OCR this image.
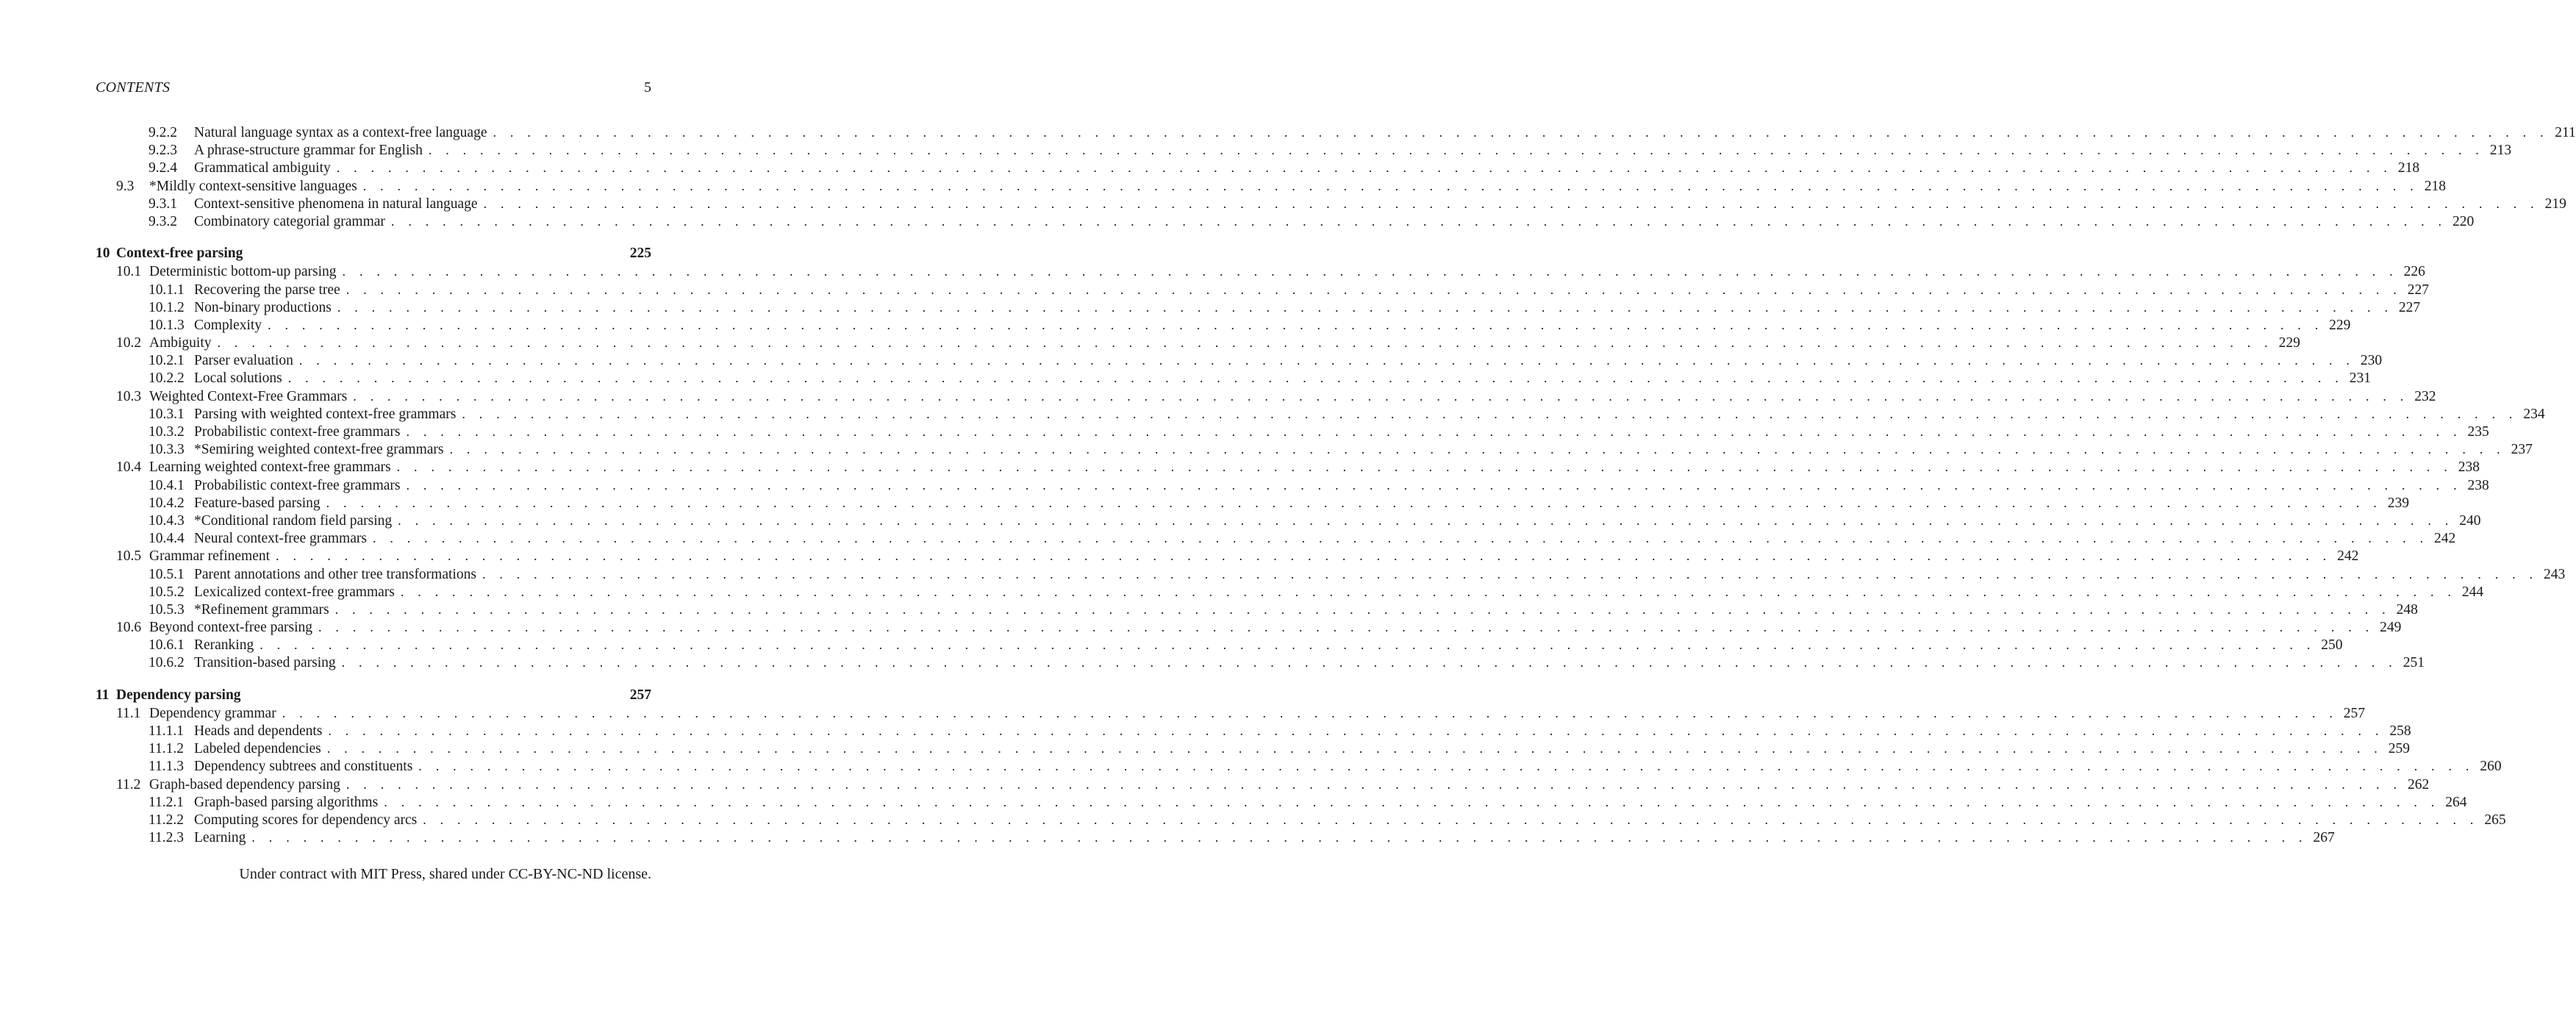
CONTENTS	5
9.2.2	Natural language syntax as a context-free language . . . . . . . . . . . . . . . . . . . . . . . . . . . . . . . . . . . . . . . . . . . . . . . . . . . . . . . . . . . . . . . . . . . . . . . . . . . . . . . . . . . . . . . . . . . . . . . . . . . . . . . . . . . . . . . . . . . . . . . . 211
9.2.3	A phrase-structure grammar for English . . . . . . . . . . . . . . . . . . . . . . . . . . . . . . . . . . . . . . . . . . . . . . . . . . . . . . . . . . . . . . . . . . . . . . . . . . . . . . . . . . . . . . . . . . . . . . . . . . . . . . . . . . . . . . . . . . . . . . . . 213
9.2.4	Grammatical ambiguity . . . . . . . . . . . . . . . . . . . . . . . . . . . . . . . . . . . . . . . . . . . . . . . . . . . . . . . . . . . . . . . . . . . . . . . . . . . . . . . . . . . . . . . . . . . . . . . . . . . . . . . . . . . . . . . . . . . . . . . . 218
9.3	*Mildly context-sensitive languages . . . . . . . . . . . . . . . . . . . . . . . . . . . . . . . . . . . . . . . . . . . . . . . . . . . . . . . . . . . . . . . . . . . . . . . . . . . . . . . . . . . . . . . . . . . . . . . . . . . . . . . . . . . . . . . . . . . . . . . . 218
9.3.1	Context-sensitive phenomena in natural language . . . . . . . . . . . . . . . . . . . . . . . . . . . . . . . . . . . . . . . . . . . . . . . . . . . . . . . . . . . . . . . . . . . . . . . . . . . . . . . . . . . . . . . . . . . . . . . . . . . . . . . . . . . . . . . . . . . . . . . . 219
9.3.2	Combinatory categorial grammar . . . . . . . . . . . . . . . . . . . . . . . . . . . . . . . . . . . . . . . . . . . . . . . . . . . . . . . . . . . . . . . . . . . . . . . . . . . . . . . . . . . . . . . . . . . . . . . . . . . . . . . . . . . . . . . . . . . . . . . . 220
10 Context-free parsing	225
10.1 Deterministic bottom-up parsing . . . . . . . . . . . . . . . . . . . . . . . . . . . . . . . . . . . . . . . . . . . . . . . . . . . . . . . . . . . . . . . . . . . . . . . . . . . . . . . . . . . . . . . . . . . . . . . . . . . . . . . . . . . . . . . . . . . . . . . . 226
10.1.1 Recovering the parse tree . . . . . . . . . . . . . . . . . . . . . . . . . . . . . . . . . . . . . . . . . . . . . . . . . . . . . . . . . . . . . . . . . . . . . . . . . . . . . . . . . . . . . . . . . . . . . . . . . . . . . . . . . . . . . . . . . . . . . . . . 227
10.1.2 Non-binary productions . . . . . . . . . . . . . . . . . . . . . . . . . . . . . . . . . . . . . . . . . . . . . . . . . . . . . . . . . . . . . . . . . . . . . . . . . . . . . . . . . . . . . . . . . . . . . . . . . . . . . . . . . . . . . . . . . . . . . . . . 227
10.1.3 Complexity . . . . . . . . . . . . . . . . . . . . . . . . . . . . . . . . . . . . . . . . . . . . . . . . . . . . . . . . . . . . . . . . . . . . . . . . . . . . . . . . . . . . . . . . . . . . . . . . . . . . . . . . . . . . . . . . . . . . . . . . 229
10.2 Ambiguity . . . . . . . . . . . . . . . . . . . . . . . . . . . . . . . . . . . . . . . . . . . . . . . . . . . . . . . . . . . . . . . . . . . . . . . . . . . . . . . . . . . . . . . . . . . . . . . . . . . . . . . . . . . . . . . . . . . . . . . . 229
10.2.1 Parser evaluation . . . . . . . . . . . . . . . . . . . . . . . . . . . . . . . . . . . . . . . . . . . . . . . . . . . . . . . . . . . . . . . . . . . . . . . . . . . . . . . . . . . . . . . . . . . . . . . . . . . . . . . . . . . . . . . . . . . . . . . . 230
10.2.2 Local solutions . . . . . . . . . . . . . . . . . . . . . . . . . . . . . . . . . . . . . . . . . . . . . . . . . . . . . . . . . . . . . . . . . . . . . . . . . . . . . . . . . . . . . . . . . . . . . . . . . . . . . . . . . . . . . . . . . . . . . . . . 231
10.3 Weighted Context-Free Grammars . . . . . . . . . . . . . . . . . . . . . . . . . . . . . . . . . . . . . . . . . . . . . . . . . . . . . . . . . . . . . . . . . . . . . . . . . . . . . . . . . . . . . . . . . . . . . . . . . . . . . . . . . . . . . . . . . . . . . . . . 232
10.3.1 Parsing with weighted context-free grammars . . . . . . . . . . . . . . . . . . . . . . . . . . . . . . . . . . . . . . . . . . . . . . . . . . . . . . . . . . . . . . . . . . . . . . . . . . . . . . . . . . . . . . . . . . . . . . . . . . . . . . . . . . . . . . . . . . . . . . . . 234
10.3.2 Probabilistic context-free grammars . . . . . . . . . . . . . . . . . . . . . . . . . . . . . . . . . . . . . . . . . . . . . . . . . . . . . . . . . . . . . . . . . . . . . . . . . . . . . . . . . . . . . . . . . . . . . . . . . . . . . . . . . . . . . . . . . . . . . . . . 235
10.3.3 *Semiring weighted context-free grammars . . . . . . . . . . . . . . . . . . . . . . . . . . . . . . . . . . . . . . . . . . . . . . . . . . . . . . . . . . . . . . . . . . . . . . . . . . . . . . . . . . . . . . . . . . . . . . . . . . . . . . . . . . . . . . . . . . . . . . . . 237
10.4 Learning weighted context-free grammars . . . . . . . . . . . . . . . . . . . . . . . . . . . . . . . . . . . . . . . . . . . . . . . . . . . . . . . . . . . . . . . . . . . . . . . . . . . . . . . . . . . . . . . . . . . . . . . . . . . . . . . . . . . . . . . . . . . . . . . . 238
10.4.1 Probabilistic context-free grammars . . . . . . . . . . . . . . . . . . . . . . . . . . . . . . . . . . . . . . . . . . . . . . . . . . . . . . . . . . . . . . . . . . . . . . . . . . . . . . . . . . . . . . . . . . . . . . . . . . . . . . . . . . . . . . . . . . . . . . . . 238
10.4.2 Feature-based parsing . . . . . . . . . . . . . . . . . . . . . . . . . . . . . . . . . . . . . . . . . . . . . . . . . . . . . . . . . . . . . . . . . . . . . . . . . . . . . . . . . . . . . . . . . . . . . . . . . . . . . . . . . . . . . . . . . . . . . . . . 239
10.4.3 *Conditional random field parsing . . . . . . . . . . . . . . . . . . . . . . . . . . . . . . . . . . . . . . . . . . . . . . . . . . . . . . . . . . . . . . . . . . . . . . . . . . . . . . . . . . . . . . . . . . . . . . . . . . . . . . . . . . . . . . . . . . . . . . . . 240
10.4.4 Neural context-free grammars . . . . . . . . . . . . . . . . . . . . . . . . . . . . . . . . . . . . . . . . . . . . . . . . . . . . . . . . . . . . . . . . . . . . . . . . . . . . . . . . . . . . . . . . . . . . . . . . . . . . . . . . . . . . . . . . . . . . . . . . 242
10.5 Grammar refinement . . . . . . . . . . . . . . . . . . . . . . . . . . . . . . . . . . . . . . . . . . . . . . . . . . . . . . . . . . . . . . . . . . . . . . . . . . . . . . . . . . . . . . . . . . . . . . . . . . . . . . . . . . . . . . . . . . . . . . . . 242
10.5.1 Parent annotations and other tree transformations . . . . . . . . . . . . . . . . . . . . . . . . . . . . . . . . . . . . . . . . . . . . . . . . . . . . . . . . . . . . . . . . . . . . . . . . . . . . . . . . . . . . . . . . . . . . . . . . . . . . . . . . . . . . . . . . . . . . . . . . 243
10.5.2 Lexicalized context-free grammars . . . . . . . . . . . . . . . . . . . . . . . . . . . . . . . . . . . . . . . . . . . . . . . . . . . . . . . . . . . . . . . . . . . . . . . . . . . . . . . . . . . . . . . . . . . . . . . . . . . . . . . . . . . . . . . . . . . . . . . . 244
10.5.3 *Refinement grammars . . . . . . . . . . . . . . . . . . . . . . . . . . . . . . . . . . . . . . . . . . . . . . . . . . . . . . . . . . . . . . . . . . . . . . . . . . . . . . . . . . . . . . . . . . . . . . . . . . . . . . . . . . . . . . . . . . . . . . . . 248
10.6 Beyond context-free parsing . . . . . . . . . . . . . . . . . . . . . . . . . . . . . . . . . . . . . . . . . . . . . . . . . . . . . . . . . . . . . . . . . . . . . . . . . . . . . . . . . . . . . . . . . . . . . . . . . . . . . . . . . . . . . . . . . . . . . . . . 249
10.6.1 Reranking . . . . . . . . . . . . . . . . . . . . . . . . . . . . . . . . . . . . . . . . . . . . . . . . . . . . . . . . . . . . . . . . . . . . . . . . . . . . . . . . . . . . . . . . . . . . . . . . . . . . . . . . . . . . . . . . . . . . . . . . 250
10.6.2 Transition-based parsing . . . . . . . . . . . . . . . . . . . . . . . . . . . . . . . . . . . . . . . . . . . . . . . . . . . . . . . . . . . . . . . . . . . . . . . . . . . . . . . . . . . . . . . . . . . . . . . . . . . . . . . . . . . . . . . . . . . . . . . . 251
11 Dependency parsing	257
11.1 Dependency grammar . . . . . . . . . . . . . . . . . . . . . . . . . . . . . . . . . . . . . . . . . . . . . . . . . . . . . . . . . . . . . . . . . . . . . . . . . . . . . . . . . . . . . . . . . . . . . . . . . . . . . . . . . . . . . . . . . . . . . . . . 257
11.1.1 Heads and dependents . . . . . . . . . . . . . . . . . . . . . . . . . . . . . . . . . . . . . . . . . . . . . . . . . . . . . . . . . . . . . . . . . . . . . . . . . . . . . . . . . . . . . . . . . . . . . . . . . . . . . . . . . . . . . . . . . . . . . . . . 258
11.1.2 Labeled dependencies . . . . . . . . . . . . . . . . . . . . . . . . . . . . . . . . . . . . . . . . . . . . . . . . . . . . . . . . . . . . . . . . . . . . . . . . . . . . . . . . . . . . . . . . . . . . . . . . . . . . . . . . . . . . . . . . . . . . . . . . 259
11.1.3 Dependency subtrees and constituents . . . . . . . . . . . . . . . . . . . . . . . . . . . . . . . . . . . . . . . . . . . . . . . . . . . . . . . . . . . . . . . . . . . . . . . . . . . . . . . . . . . . . . . . . . . . . . . . . . . . . . . . . . . . . . . . . . . . . . . . 260
11.2 Graph-based dependency parsing . . . . . . . . . . . . . . . . . . . . . . . . . . . . . . . . . . . . . . . . . . . . . . . . . . . . . . . . . . . . . . . . . . . . . . . . . . . . . . . . . . . . . . . . . . . . . . . . . . . . . . . . . . . . . . . . . . . . . . . . 262
11.2.1 Graph-based parsing algorithms . . . . . . . . . . . . . . . . . . . . . . . . . . . . . . . . . . . . . . . . . . . . . . . . . . . . . . . . . . . . . . . . . . . . . . . . . . . . . . . . . . . . . . . . . . . . . . . . . . . . . . . . . . . . . . . . . . . . . . . . 264
11.2.2 Computing scores for dependency arcs . . . . . . . . . . . . . . . . . . . . . . . . . . . . . . . . . . . . . . . . . . . . . . . . . . . . . . . . . . . . . . . . . . . . . . . . . . . . . . . . . . . . . . . . . . . . . . . . . . . . . . . . . . . . . . . . . . . . . . . . 265
11.2.3 Learning . . . . . . . . . . . . . . . . . . . . . . . . . . . . . . . . . . . . . . . . . . . . . . . . . . . . . . . . . . . . . . . . . . . . . . . . . . . . . . . . . . . . . . . . . . . . . . . . . . . . . . . . . . . . . . . . . . . . . . . . 267
Under contract with MIT Press, shared under CC-BY-NC-ND license.
